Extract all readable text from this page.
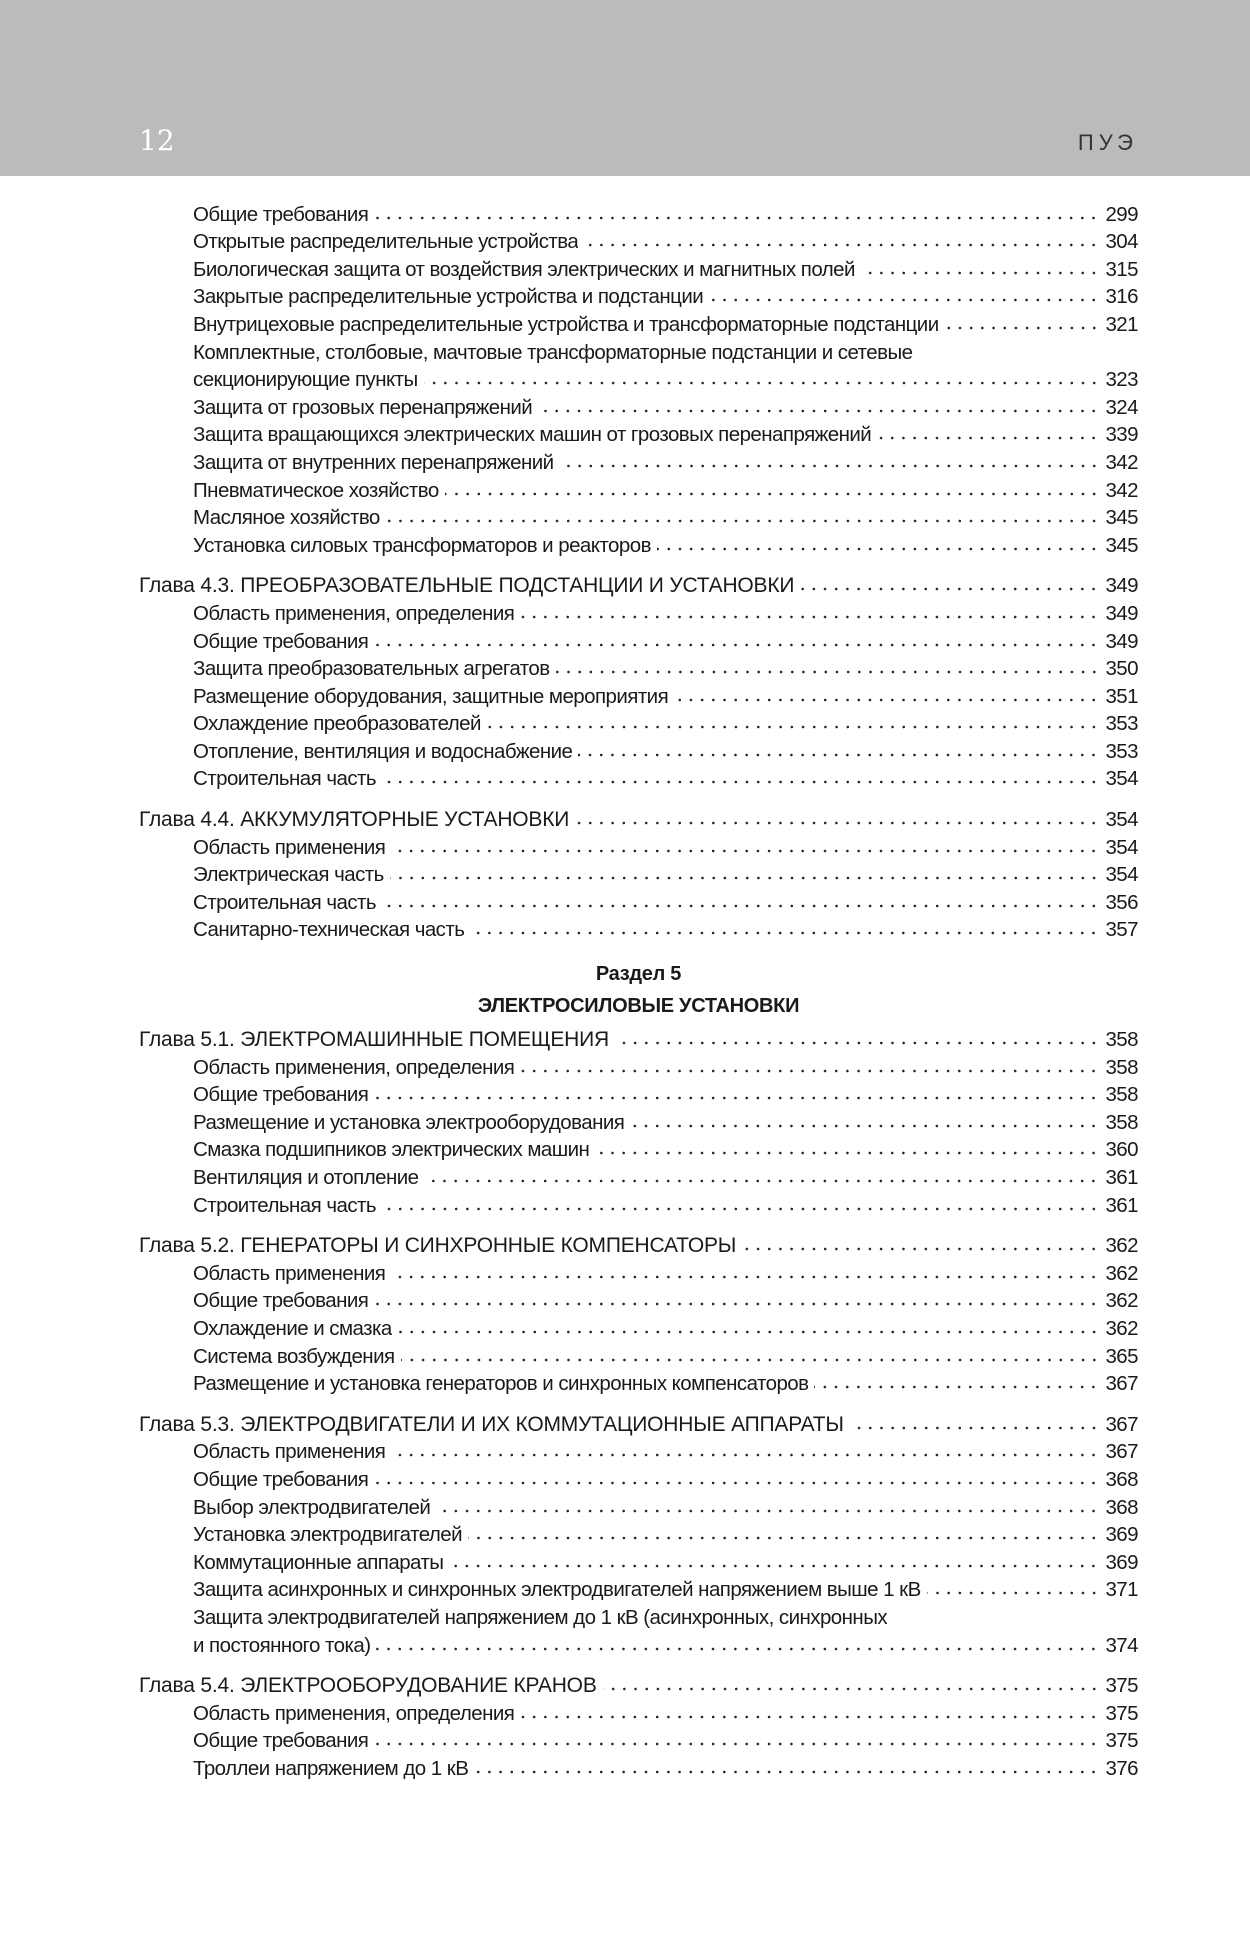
12	ПУЭ
Общие требования	299
Открытые распределительные устройства	304
Биологическая защита от воздействия электрических и магнитных полей	315
Закрытые распределительные устройства и подстанции	316
Внутрицеховые распределительные устройства и трансформаторные подстанции	321
Комплектные, столбовые, мачтовые трансформаторные подстанции и сетевые
секционирующие пункты	323
Защита от грозовых перенапряжений	324
Защита вращающихся электрических машин от грозовых перенапряжений	339
Защита от внутренних перенапряжений	342
Пневматическое хозяйство	342
Масляное хозяйство	345
Установка силовых трансформаторов и реакторов	345
Глава 4.3. ПРЕОБРАЗОВАТЕЛЬНЫЕ ПОДСТАНЦИИ И УСТАНОВКИ	349
Область применения, определения	349
Общие требования	349
Защита преобразовательных агрегатов	350
Размещение оборудования, защитные мероприятия	351
Охлаждение преобразователей	353
Отопление, вентиляция и водоснабжение	353
Строительная часть	354
Глава 4.4. АККУМУЛЯТОРНЫЕ УСТАНОВКИ	354
Область применения	354
Электрическая часть	354
Строительная часть	356
Санитарно-техническая часть	357
Раздел 5
ЭЛЕКТРОСИЛОВЫЕ УСТАНОВКИ
Глава 5.1. ЭЛЕКТРОМАШИННЫЕ ПОМЕЩЕНИЯ	358
Область применения, определения	358
Общие требования	358
Размещение и установка электрооборудования	358
Смазка подшипников электрических машин	360
Вентиляция и отопление	361
Строительная часть	361
Глава 5.2. ГЕНЕРАТОРЫ И СИНХРОННЫЕ КОМПЕНСАТОРЫ	362
Область применения	362
Общие требования	362
Охлаждение и смазка	362
Система возбуждения	365
Размещение и установка генераторов и синхронных компенсаторов	367
Глава 5.3. ЭЛЕКТРОДВИГАТЕЛИ И ИХ КОММУТАЦИОННЫЕ АППАРАТЫ	367
Область применения	367
Общие требования	368
Выбор электродвигателей	368
Установка электродвигателей	369
Коммутационные аппараты	369
Защита асинхронных и синхронных электродвигателей напряжением выше 1 кВ	371
Защита электродвигателей напряжением до 1 кВ (асинхронных, синхронных
и постоянного тока)	374
Глава 5.4. ЭЛЕКТРООБОРУДОВАНИЕ КРАНОВ	375
Область применения, определения	375
Общие требования	375
Троллеи напряжением до 1 кВ	376
